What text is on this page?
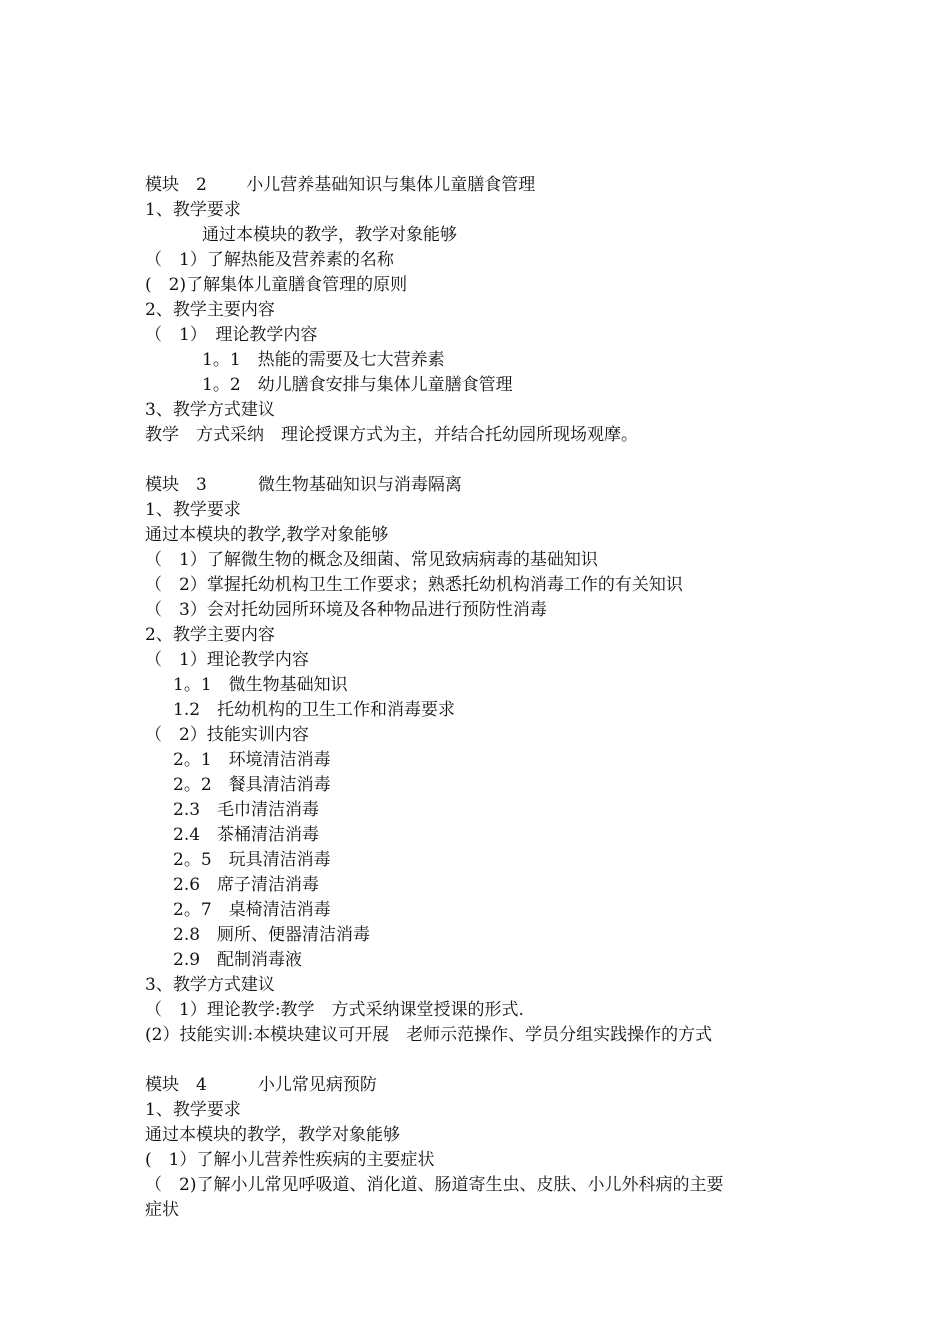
模块　2　　 小儿营养基础知识与集体儿童膳食管理
1、教学要求
通过本模块的教学，教学对象能够
（　1）了解热能及营养素的名称
(　2)了解集体儿童膳食管理的原则
2、教学主要内容
（　1）　理论教学内容
1。1　热能的需要及七大营养素
1。2　幼儿膳食安排与集体儿童膳食管理
3、教学方式建议
教学　方式采纳　理论授课方式为主，并结合托幼园所现场观摩。
模块　3　　　微生物基础知识与消毒隔离
1、教学要求
通过本模块的教学,教学对象能够
（　1）了解微生物的概念及细菌、常见致病病毒的基础知识
（　2）掌握托幼机构卫生工作要求；熟悉托幼机构消毒工作的有关知识
（　3）会对托幼园所环境及各种物品进行预防性消毒
2、教学主要内容
（　1）理论教学内容
1。1　微生物基础知识
1.2　托幼机构的卫生工作和消毒要求
（　2）技能实训内容
2。1　环境清洁消毒
2。2　餐具清洁消毒
2.3　毛巾清洁消毒
2.4　茶桶清洁消毒
2。5　玩具清洁消毒
2.6　席子清洁消毒
2。7　桌椅清洁消毒
2.8　厕所、便器清洁消毒
2.9　配制消毒液
3、教学方式建议
（　1）理论教学:教学　方式采纳课堂授课的形式.
(2）技能实训:本模块建议可开展　老师示范操作、学员分组实践操作的方式
模块　4　　　小儿常见病预防
1、教学要求
通过本模块的教学，教学对象能够
(　1）了解小儿营养性疾病的主要症状
（　2)了解小儿常见呼吸道、消化道、肠道寄生虫、皮肤、小儿外科病的主要
症状
